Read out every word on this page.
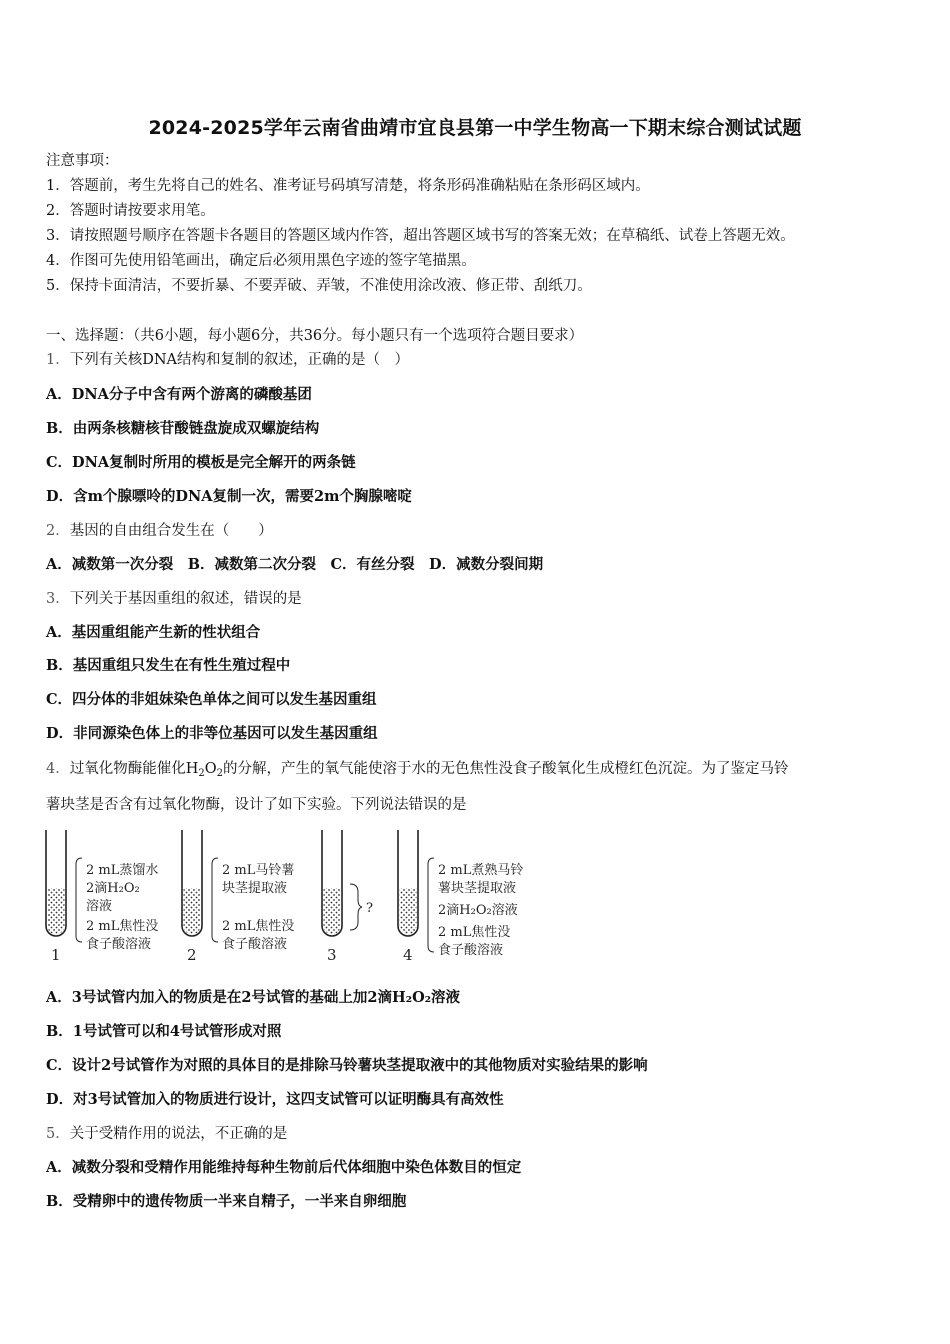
2024-2025学年云南省曲靖市宜良县第一中学生物高一下期末综合测试试题
注意事项：
1．答题前，考生先将自己的姓名、准考证号码填写清楚，将条形码准确粘贴在条形码区域内。
2．答题时请按要求用笔。
3．请按照题号顺序在答题卡各题目的答题区域内作答，超出答题区域书写的答案无效；在草稿纸、试卷上答题无效。
4．作图可先使用铅笔画出，确定后必须用黑色字迹的签字笔描黑。
5．保持卡面清洁，不要折暴、不要弄破、弄皱，不准使用涂改液、修正带、刮纸刀。
一、选择题：（共6小题，每小题6分，共36分。每小题只有一个选项符合题目要求）
1．下列有关核DNA结构和复制的叙述，正确的是（　）
A．DNA分子中含有两个游离的磷酸基团
B．由两条核糖核苷酸链盘旋成双螺旋结构
C．DNA复制时所用的模板是完全解开的两条链
D．含m个腺嘌呤的DNA复制一次，需要2m个胸腺嘧啶
2．基因的自由组合发生在（　　）
A．减数第一次分裂　B．减数第二次分裂　C．有丝分裂　D．减数分裂间期
3．下列关于基因重组的叙述，错误的是
A．基因重组能产生新的性状组合
B．基因重组只发生在有性生殖过程中
C．四分体的非姐妹染色单体之间可以发生基因重组
D．非同源染色体上的非等位基因可以发生基因重组
4．过氧化物酶能催化$H_2O_2$的分解，产生的氧气能使溶于水的无色焦性没食子酸氧化生成橙红色沉淀。为了鉴定马铃
薯块茎是否含有过氧化物酶，设计了如下实验。下列说法错误的是
2 mL蒸馏水
2滴H₂O₂
溶液
2 mL焦性没
食子酸溶液
1
2 mL马铃薯
块茎提取液
2 mL焦性没
食子酸溶液
2
?
3
2 mL煮熟马铃
薯块茎提取液
2滴H₂O₂溶液
2 mL焦性没
食子酸溶液
4
A．3号试管内加入的物质是在2号试管的基础上加2滴H₂O₂溶液
B．1号试管可以和4号试管形成对照
C．设计2号试管作为对照的具体目的是排除马铃薯块茎提取液中的其他物质对实验结果的影响
D．对3号试管加入的物质进行设计，这四支试管可以证明酶具有高效性
5．关于受精作用的说法，不正确的是
A．减数分裂和受精作用能维持每种生物前后代体细胞中染色体数目的恒定
B．受精卵中的遗传物质一半来自精子，一半来自卵细胞
